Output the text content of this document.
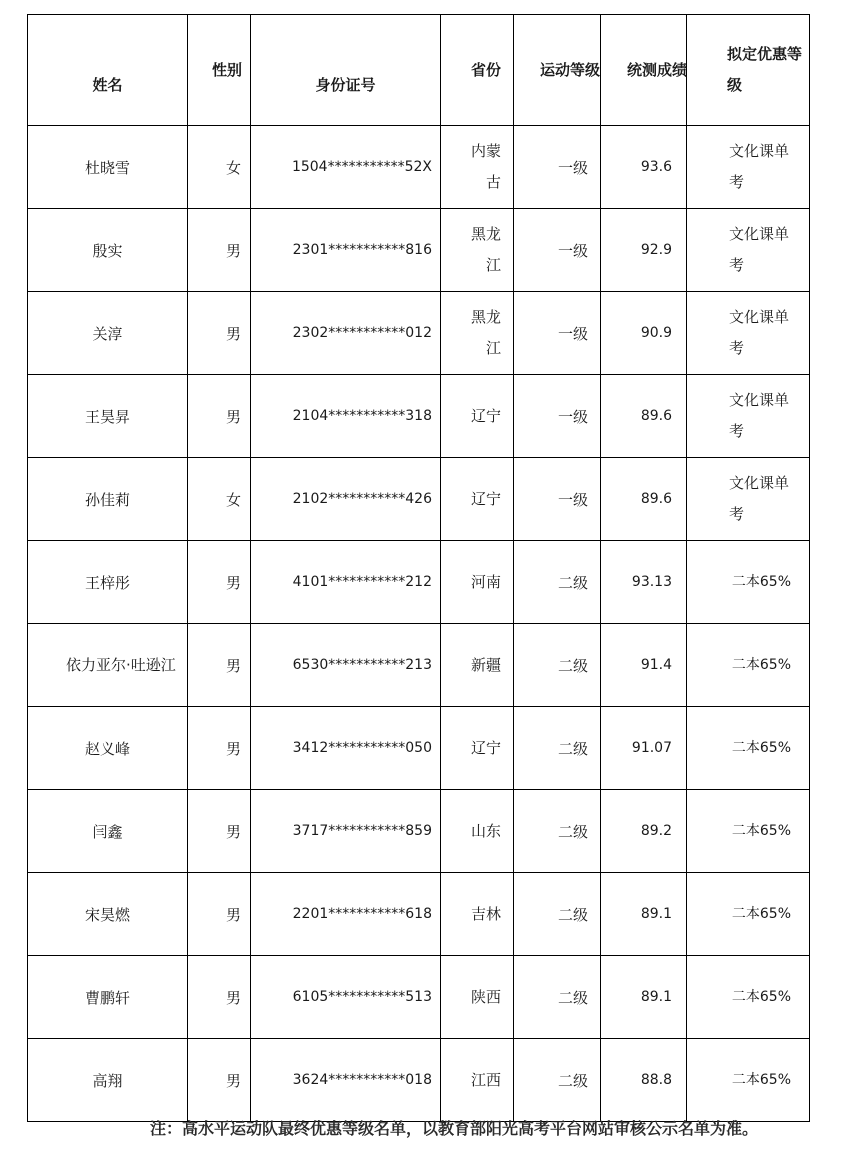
姓名	性别	身份证号	省份	运动等级	统测成绩	拟定优惠等级

杜晓雪	女	1504***********52X	内蒙古	一级	93.6	文化课单考

殷实	男	2301***********816	黑龙江	一级	92.9	文化课单考

关淳	男	2302***********012	黑龙江	一级	90.9	文化课单考

王昊昇	男	2104***********318	辽宁	一级	89.6	文化课单考

孙佳莉	女	2102***********426	辽宁	一级	89.6	文化课单考

王梓彤	男	4101***********212	河南	二级	93.13	二本65%

依力亚尔·吐逊江	男	6530***********213	新疆	二级	91.4	二本65%

赵义峰	男	3412***********050	辽宁	二级	91.07	二本65%

闫鑫	男	3717***********859	山东	二级	89.2	二本65%

宋昊燃	男	2201***********618	吉林	二级	89.1	二本65%

曹鹏轩	男	6105***********513	陕西	二级	89.1	二本65%

高翔	男	3624***********018	江西	二级	88.8	二本65%
注：高水平运动队最终优惠等级名单，以教育部阳光高考平台网站审核公示名单为准。
